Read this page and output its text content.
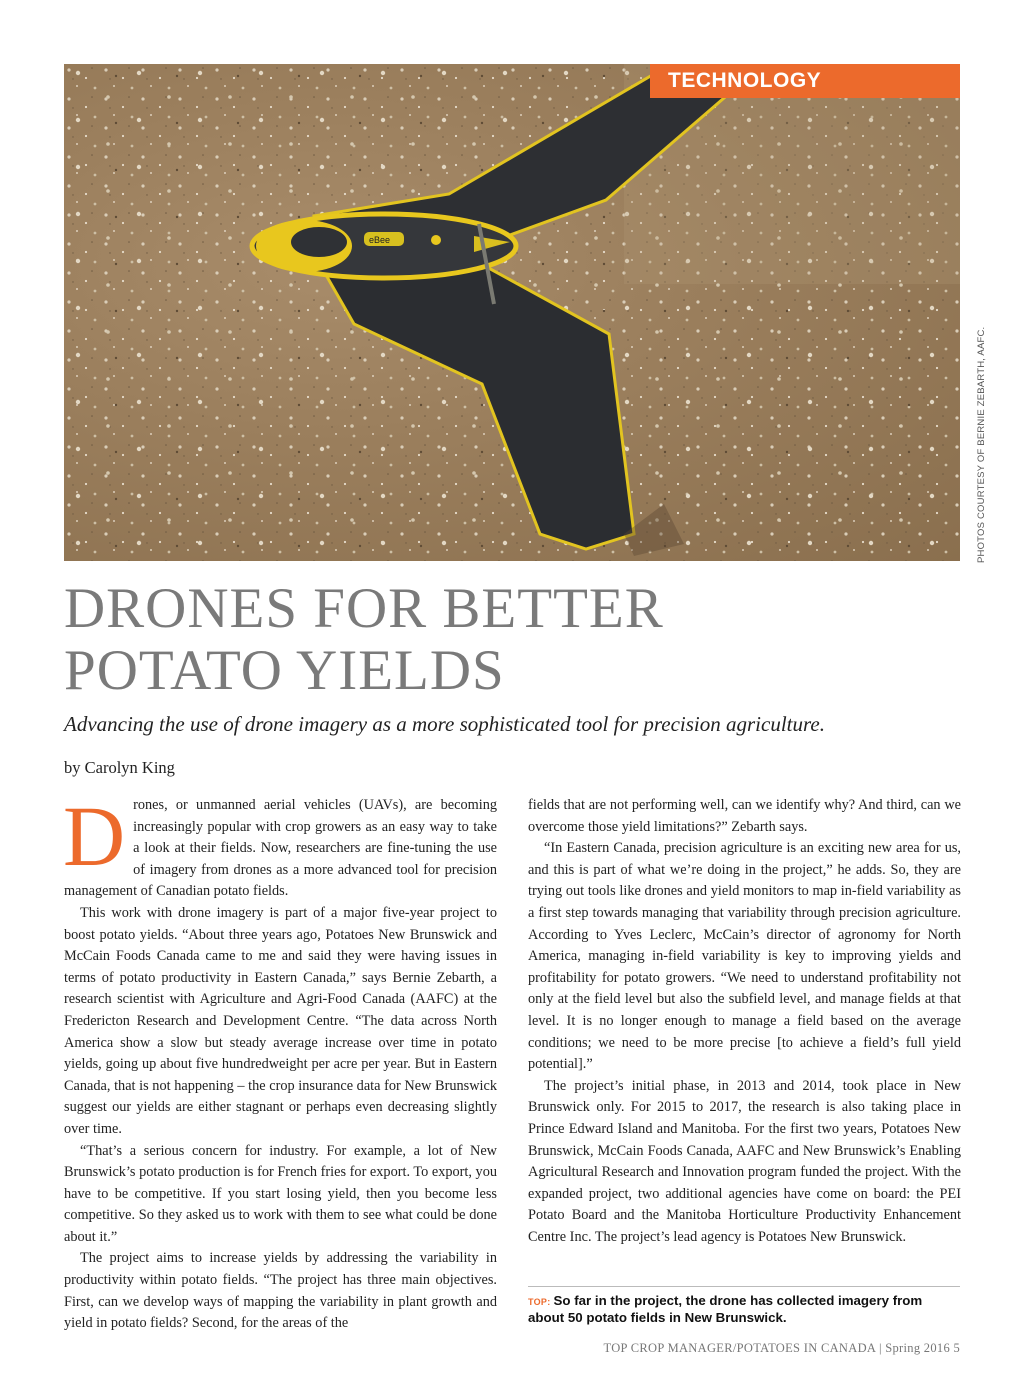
eBee
TECHNOLOGY
PHOTOS COURTESY OF BERNIE ZEBARTH, AAFC.
DRONES FOR BETTER
POTATO YIELDS

Advancing the use of drone imagery as a more sophisticated tool for precision agriculture.

by Carolyn King

Drones, or unmanned aerial vehicles (UAVs), are becoming increasingly popular with crop growers as an easy way to take a look at their fields. Now, researchers are fine-tuning the use of imagery from drones as a more advanced tool for precision management of Canadian potato fields.

This work with drone imagery is part of a major five-year project to boost potato yields. “About three years ago, Potatoes New Brunswick and McCain Foods Canada came to me and said they were having issues in terms of potato productivity in Eastern Canada,” says Bernie Zebarth, a research scientist with Agriculture and Agri-Food Canada (AAFC) at the Fredericton Research and Development Centre. “The data across North America show a slow but steady average increase over time in potato yields, going up about five hundredweight per acre per year. But in Eastern Canada, that is not happening – the crop insurance data for New Brunswick suggest our yields are either stagnant or perhaps even decreasing slightly over time.

“That’s a serious concern for industry. For example, a lot of New Brunswick’s potato production is for French fries for export. To export, you have to be competitive. If you start losing yield, then you become less competitive. So they asked us to work with them to see what could be done about it.”

The project aims to increase yields by addressing the variability in productivity within potato fields. “The project has three main objectives. First, can we develop ways of mapping the variability in plant growth and yield in potato fields? Second, for the areas of the

fields that are not performing well, can we identify why? And third, can we overcome those yield limitations?” Zebarth says.

“In Eastern Canada, precision agriculture is an exciting new area for us, and this is part of what we’re doing in the project,” he adds. So, they are trying out tools like drones and yield monitors to map in-field variability as a first step towards managing that variability through precision agriculture. According to Yves Leclerc, McCain’s director of agronomy for North America, managing in-field variability is key to improving yields and profitability for potato growers. “We need to understand profitability not only at the field level but also the subfield level, and manage fields at that level. It is no longer enough to manage a field based on the average conditions; we need to be more precise [to achieve a field’s full yield potential].”

The project’s initial phase, in 2013 and 2014, took place in New Brunswick only. For 2015 to 2017, the research is also taking place in Prince Edward Island and Manitoba. For the first two years, Potatoes New Brunswick, McCain Foods Canada, AAFC and New Brunswick’s Enabling Agricultural Research and Innovation program funded the project. With the expanded project, two additional agencies have come on board: the PEI Potato Board and the Manitoba Horticulture Productivity Enhancement Centre Inc. The project’s lead agency is Potatoes New Brunswick.

TOP: So far in the project, the drone has collected imagery from about 50 potato fields in New Brunswick.
TOP CROP MANAGER/POTATOES IN CANADA | Spring 2016 5
